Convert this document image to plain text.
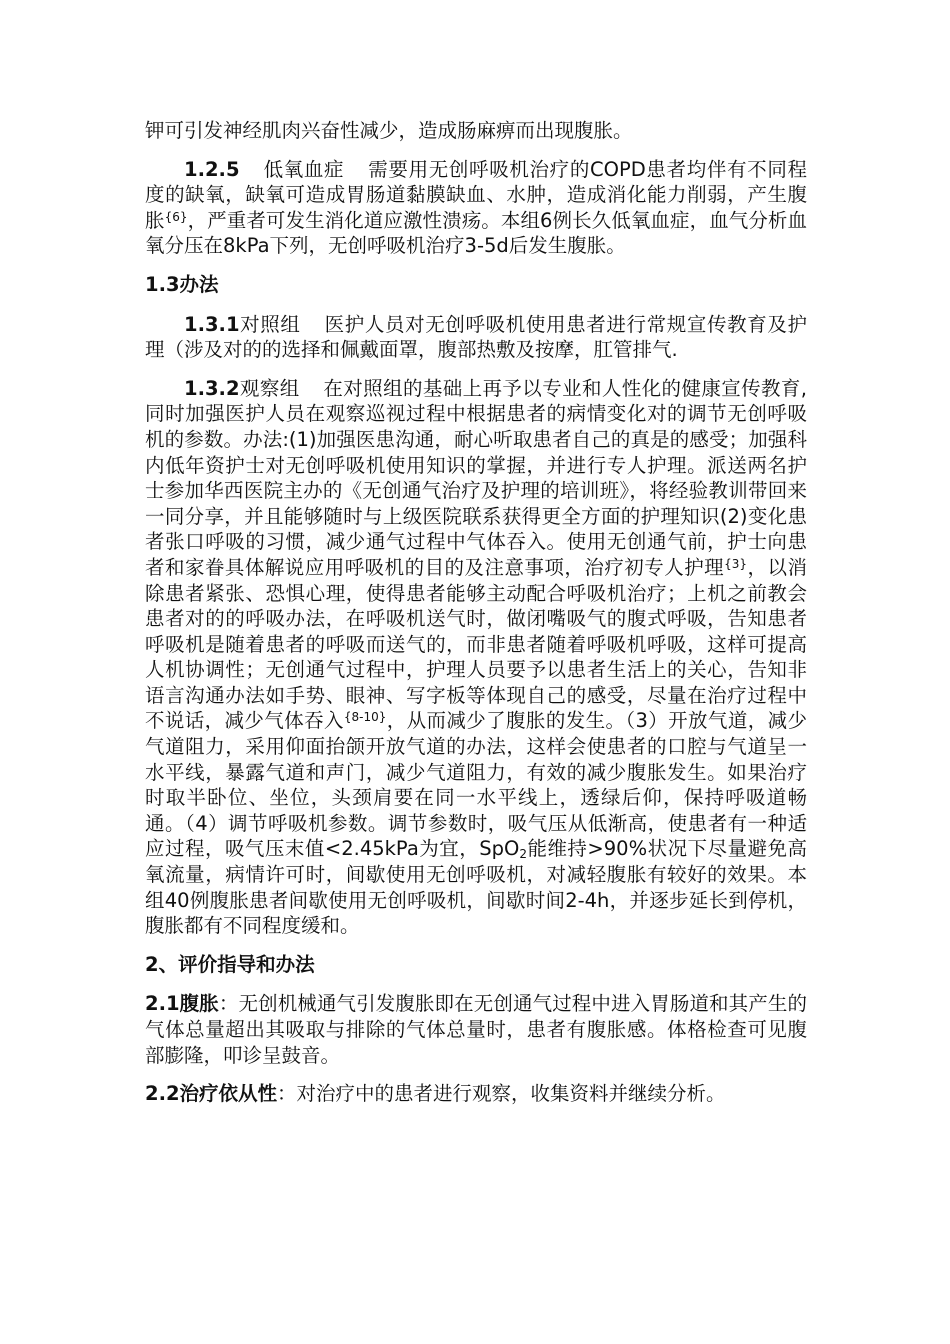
钾可引发神经肌肉兴奋性减少，造成肠麻痹而出现腹胀。

1.2.5 低氧血症 需要用无创呼吸机治疗的COPD患者均伴有不同程度的缺氧，缺氧可造成胃肠道黏膜缺血、水肿，造成消化能力削弱，产生腹胀$^{\{6\}}$，严重者可发生消化道应激性溃疡。本组6例长久低氧血症，血气分析血氧分压在8kPa下列，无创呼吸机治疗3-5d后发生腹胀。

1.3办法

1.3.1对照组 医护人员对无创呼吸机使用患者进行常规宣传教育及护理（涉及对的的选择和佩戴面罩，腹部热敷及按摩，肛管排气.

1.3.2观察组 在对照组的基础上再予以专业和人性化的健康宣传教育,同时加强医护人员在观察巡视过程中根据患者的病情变化对的调节无创呼吸机的参数。办法:(1)加强医患沟通，耐心听取患者自己的真是的感受；加强科内低年资护士对无创呼吸机使用知识的掌握，并进行专人护理。派送两名护士参加华西医院主办的《无创通气治疗及护理的培训班》，将经验教训带回来一同分享，并且能够随时与上级医院联系获得更全方面的护理知识(2)变化患者张口呼吸的习惯，减少通气过程中气体吞入。使用无创通气前，护士向患者和家眷具体解说应用呼吸机的目的及注意事项，治疗初专人护理$^{\{3\}}$，以消除患者紧张、恐惧心理，使得患者能够主动配合呼吸机治疗；上机之前教会患者对的的呼吸办法，在呼吸机送气时，做闭嘴吸气的腹式呼吸，告知患者呼吸机是随着患者的呼吸而送气的，而非患者随着呼吸机呼吸，这样可提高人机协调性；无创通气过程中，护理人员要予以患者生活上的关心，告知非语言沟通办法如手势、眼神、写字板等体现自己的感受，尽量在治疗过程中不说话，减少气体吞入$^{\{8-10\}}$，从而减少了腹胀的发生。（3）开放气道，减少气道阻力，采用仰面抬颌开放气道的办法，这样会使患者的口腔与气道呈一水平线，暴露气道和声门，减少气道阻力，有效的减少腹胀发生。如果治疗时取半卧位、坐位，头颈肩要在同一水平线上，透绿后仰，保持呼吸道畅通。（4）调节呼吸机参数。调节参数时，吸气压从低渐高，使患者有一种适应过程，吸气压末值<2.45kPa为宜，SpO$_2$能维持>90%状况下尽量避免高氧流量，病情许可时，间歇使用无创呼吸机，对减轻腹胀有较好的效果。本组40例腹胀患者间歇使用无创呼吸机，间歇时间2-4h，并逐步延长到停机，腹胀都有不同程度缓和。

2、评价指导和办法

2.1腹胀：无创机械通气引发腹胀即在无创通气过程中进入胃肠道和其产生的气体总量超出其吸取与排除的气体总量时，患者有腹胀感。体格检查可见腹部膨隆，叩诊呈鼓音。

2.2治疗依从性：对治疗中的患者进行观察，收集资料并继续分析。
